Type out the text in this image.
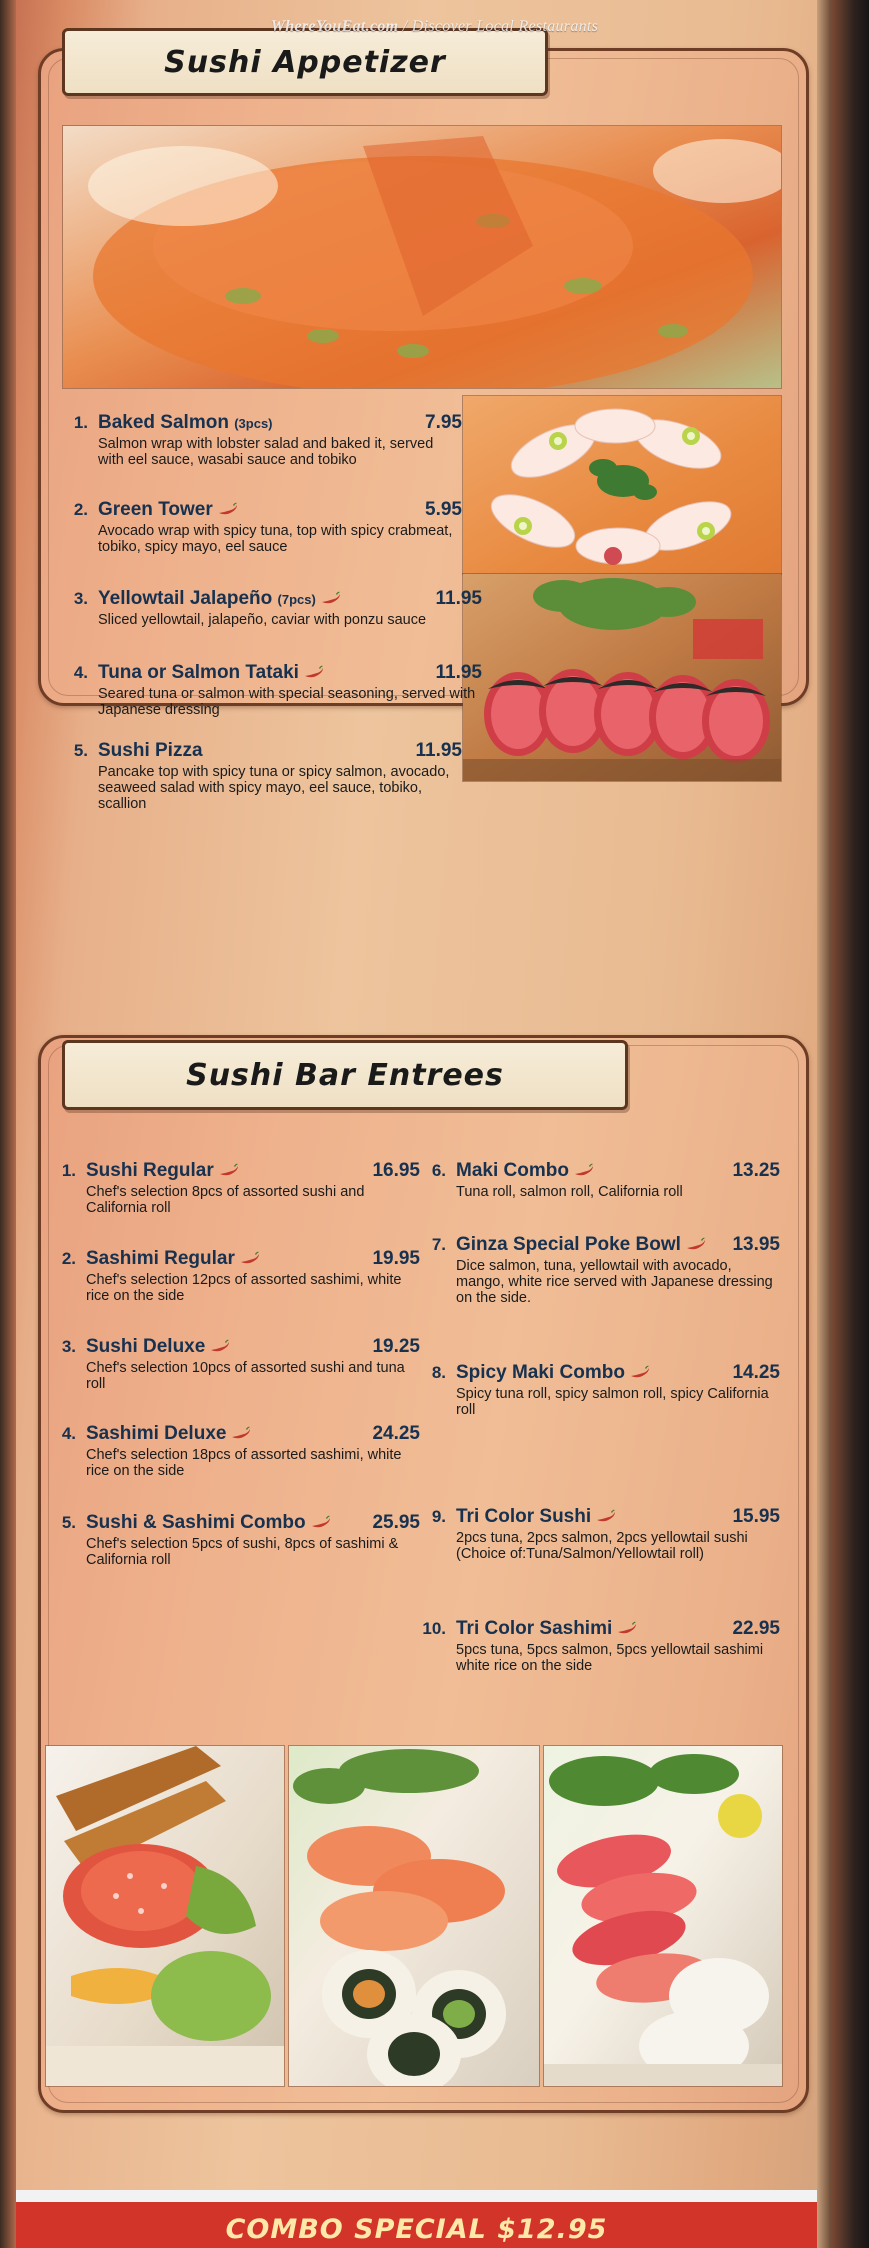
WhereYouEat.com / Discover Local Restaurants
Sushi Appetizer
1. Baked Salmon (3pcs)	7.95
Salmon wrap with lobster salad and baked it, served with eel sauce, wasabi sauce and tobiko
2. Green Tower	5.95
Avocado wrap with spicy tuna, top with spicy crabmeat, tobiko, spicy mayo, eel sauce
3. Yellowtail Jalapeño (7pcs)	11.95
Sliced yellowtail, jalapeño, caviar with ponzu sauce
4. Tuna or Salmon Tataki	11.95
Seared tuna or salmon with special seasoning, served with Japanese dressing
5. Sushi Pizza	11.95
Pancake top with spicy tuna or spicy salmon, avocado, seaweed salad with spicy mayo, eel sauce, tobiko, scallion
Sushi Bar Entrees
1. Sushi Regular	16.95
Chef's selection 8pcs of assorted sushi and California roll
2. Sashimi Regular	19.95
Chef's selection 12pcs of assorted sashimi, white rice on the side
3. Sushi Deluxe	19.25
Chef's selection 10pcs of assorted sushi and tuna roll
4. Sashimi Deluxe	24.25
Chef's selection 18pcs of assorted sashimi, white rice on the side
5. Sushi & Sashimi Combo	25.95
Chef's selection 5pcs of sushi, 8pcs of sashimi & California roll
6. Maki Combo	13.25
Tuna roll, salmon roll, California roll
7. Ginza Special Poke Bowl	13.95
Dice salmon, tuna, yellowtail with avocado, mango, white rice served with Japanese dressing on the side.
8. Spicy Maki Combo	14.25
Spicy tuna roll, spicy salmon roll, spicy California roll
9. Tri Color Sushi	15.95
2pcs tuna, 2pcs salmon, 2pcs yellowtail sushi (Choice of:Tuna/Salmon/Yellowtail roll)
10. Tri Color Sashimi	22.95
5pcs tuna, 5pcs salmon, 5pcs yellowtail sashimi white rice on the side
COMBO SPECIAL $12.95
